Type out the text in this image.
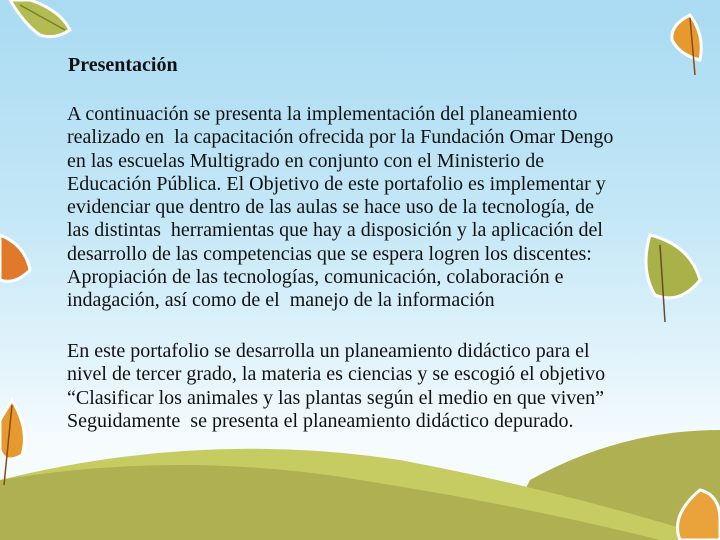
Presentación
A continuación se presenta la implementación del planeamiento
realizado en  la capacitación ofrecida por la Fundación Omar Dengo
en las escuelas Multigrado en conjunto con el Ministerio de
Educación Pública. El Objetivo de este portafolio es implementar y
evidenciar que dentro de las aulas se hace uso de la tecnología, de
las distintas  herramientas que hay a disposición y la aplicación del
desarrollo de las competencias que se espera logren los discentes:
Apropiación de las tecnologías, comunicación, colaboración e
indagación, así como de el  manejo de la información
En este portafolio se desarrolla un planeamiento didáctico para el
nivel de tercer grado, la materia es ciencias y se escogió el objetivo
“Clasificar los animales y las plantas según el medio en que viven”
Seguidamente  se presenta el planeamiento didáctico depurado.
